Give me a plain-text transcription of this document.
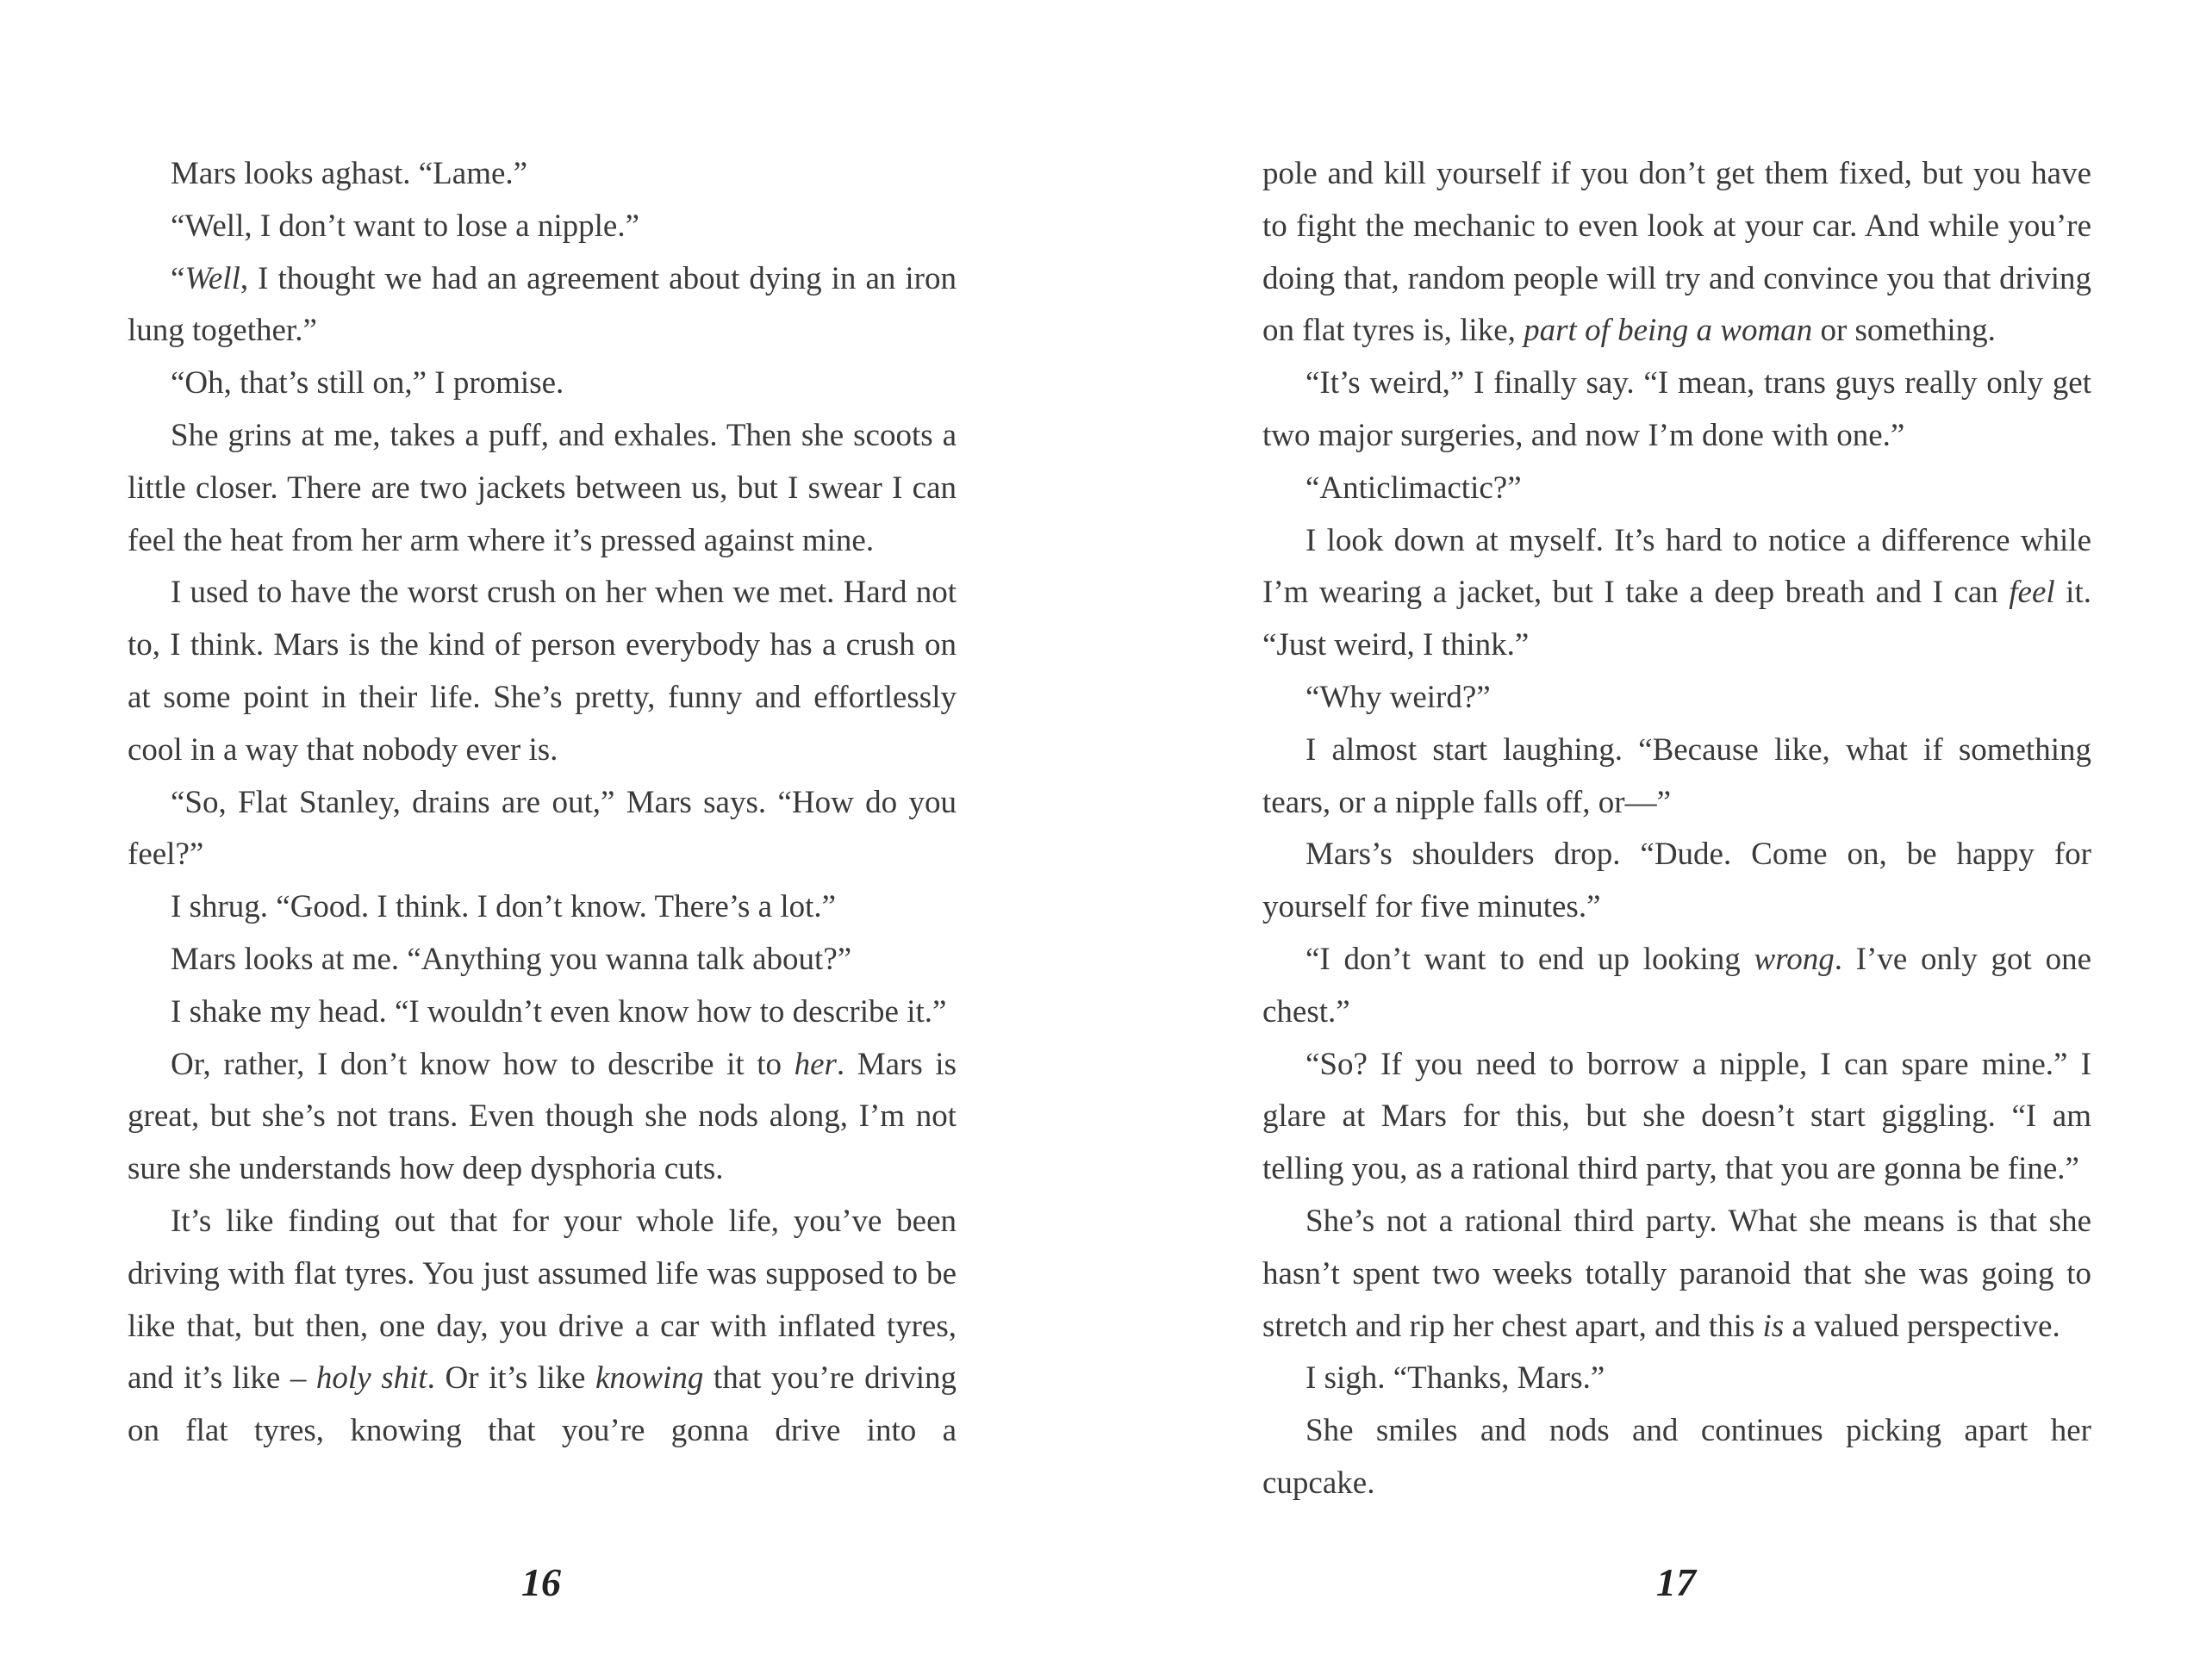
Mars looks aghast. “Lame.”

“Well, I don’t want to lose a nipple.”

“Well, I thought we had an agreement about dying in an iron lung together.”

“Oh, that’s still on,” I promise.

She grins at me, takes a puff, and exhales. Then she scoots a little closer. There are two jackets between us, but I swear I can feel the heat from her arm where it’s pressed against mine.

I used to have the worst crush on her when we met. Hard not to, I think. Mars is the kind of person everybody has a crush on at some point in their life. She’s pretty, funny and effortlessly cool in a way that nobody ever is.

“So, Flat Stanley, drains are out,” Mars says. “How do you feel?”

I shrug. “Good. I think. I don’t know. There’s a lot.”

Mars looks at me. “Anything you wanna talk about?”

I shake my head. “I wouldn’t even know how to describe it.”

Or, rather, I don’t know how to describe it to her. Mars is great, but she’s not trans. Even though she nods along, I’m not sure she understands how deep dysphoria cuts.

It’s like finding out that for your whole life, you’ve been driving with flat tyres. You just assumed life was supposed to be like that, but then, one day, you drive a car with inflated tyres, and it’s like – holy shit. Or it’s like knowing that you’re driving on flat tyres, knowing that you’re gonna drive into a

16

pole and kill yourself if you don’t get them fixed, but you have to fight the mechanic to even look at your car. And while you’re doing that, random people will try and convince you that driving on flat tyres is, like, part of being a woman or something.

“It’s weird,” I finally say. “I mean, trans guys really only get two major surgeries, and now I’m done with one.”

“Anticlimactic?”

I look down at myself. It’s hard to notice a difference while I’m wearing a jacket, but I take a deep breath and I can feel it. “Just weird, I think.”

“Why weird?”

I almost start laughing. “Because like, what if something tears, or a nipple falls off, or—”

Mars’s shoulders drop. “Dude. Come on, be happy for yourself for five minutes.”

“I don’t want to end up looking wrong. I’ve only got one chest.”

“So? If you need to borrow a nipple, I can spare mine.” I glare at Mars for this, but she doesn’t start giggling. “I am telling you, as a rational third party, that you are gonna be fine.”

She’s not a rational third party. What she means is that she hasn’t spent two weeks totally paranoid that she was going to stretch and rip her chest apart, and this is a valued perspective.

I sigh. “Thanks, Mars.”

She smiles and nods and continues picking apart her cupcake.

17
